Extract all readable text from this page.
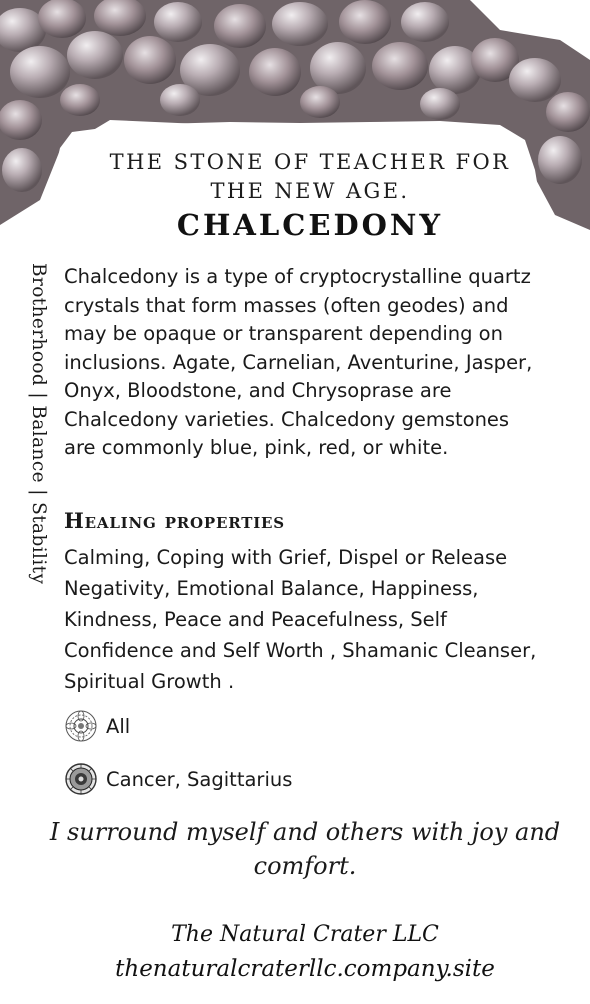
THE STONE OF TEACHER FOR
THE NEW AGE.
CHALCEDONY
Brotherhood | Balance | Stability Chalcedony is a type of cryptocrystalline quartz crystals that form masses (often geodes) and may be opaque or transparent depending on inclusions. Agate, Carnelian, Aventurine, Jasper, Onyx, Bloodstone, and Chrysoprase are Chalcedony varieties. Chalcedony gemstones are commonly blue, pink, red, or white.

Healing properties

Calming, Coping with Grief, Dispel or Release Negativity, Emotional Balance, Happiness, Kindness, Peace and Peacefulness, Self Confidence and Self Worth , Shamanic Cleanser, Spiritual Growth .

All
Cancer, Sagittarius

I surround myself and others with joy and comfort.

The Natural Crater LLC
thenaturalcraterllc.company.site
